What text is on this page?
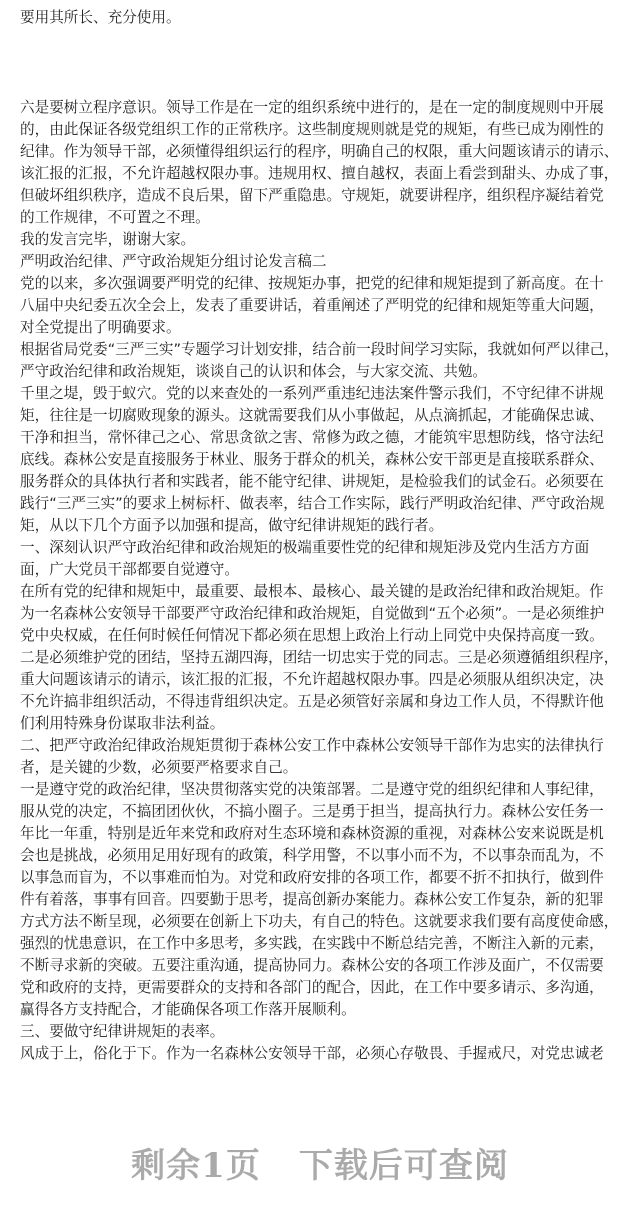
要用其所长、充分使用。
六是要树立程序意识。领导工作是在一定的组织系统中进行的，是在一定的制度规则中开展
的，由此保证各级党组织工作的正常秩序。这些制度规则就是党的规矩，有些已成为刚性的
纪律。作为领导干部，必须懂得组织运行的程序，明确自己的权限，重大问题该请示的请示、
该汇报的汇报，不允许超越权限办事。违规用权、擅自越权，表面上看尝到甜头、办成了事，
但破坏组织秩序，造成不良后果，留下严重隐患。守规矩，就要讲程序，组织程序凝结着党
的工作规律，不可置之不理。
我的发言完毕，谢谢大家。
严明政治纪律、严守政治规矩分组讨论发言稿二
党的以来，多次强调要严明党的纪律、按规矩办事，把党的纪律和规矩提到了新高度。在十
八届中央纪委五次全会上，发表了重要讲话，着重阐述了严明党的纪律和规矩等重大问题，
对全党提出了明确要求。
根据省局党委“三严三实”专题学习计划安排，结合前一段时间学习实际，我就如何严以律己，
严守政治纪律和政治规矩，谈谈自己的认识和体会，与大家交流、共勉。
千里之堤，毁于蚁穴。党的以来查处的一系列严重违纪违法案件警示我们，不守纪律不讲规
矩，往往是一切腐败现象的源头。这就需要我们从小事做起，从点滴抓起，才能确保忠诚、
干净和担当，常怀律己之心、常思贪欲之害、常修为政之德，才能筑牢思想防线，恪守法纪
底线。森林公安是直接服务于林业、服务于群众的机关，森林公安干部更是直接联系群众、
服务群众的具体执行者和实践者，能不能守纪律、讲规矩，是检验我们的试金石。必须要在
践行“三严三实”的要求上树标杆、做表率，结合工作实际，践行严明政治纪律、严守政治规
矩，从以下几个方面予以加强和提高，做守纪律讲规矩的践行者。
一、深刻认识严守政治纪律和政治规矩的极端重要性党的纪律和规矩涉及党内生活方方面
面，广大党员干部都要自觉遵守。
在所有党的纪律和规矩中，最重要、最根本、最核心、最关键的是政治纪律和政治规矩。作
为一名森林公安领导干部要严守政治纪律和政治规矩，自觉做到“五个必须”。一是必须维护
党中央权威，在任何时候任何情况下都必须在思想上政治上行动上同党中央保持高度一致。
二是必须维护党的团结，坚持五湖四海，团结一切忠实于党的同志。三是必须遵循组织程序，
重大问题该请示的请示，该汇报的汇报，不允许超越权限办事。四是必须服从组织决定，决
不允许搞非组织活动，不得违背组织决定。五是必须管好亲属和身边工作人员，不得默许他
们利用特殊身份谋取非法利益。
二、把严守政治纪律政治规矩贯彻于森林公安工作中森林公安领导干部作为忠实的法律执行
者，是关键的少数，必须要严格要求自己。
一是遵守党的政治纪律，坚决贯彻落实党的决策部署。二是遵守党的组织纪律和人事纪律，
服从党的决定，不搞团团伙伙，不搞小圈子。三是勇于担当，提高执行力。森林公安任务一
年比一年重，特别是近年来党和政府对生态环境和森林资源的重视，对森林公安来说既是机
会也是挑战，必须用足用好现有的政策，科学用警，不以事小而不为，不以事杂而乱为，不
以事急而盲为，不以事难而怕为。对党和政府安排的各项工作，都要不折不扣执行，做到件
件有着落，事事有回音。四要勤于思考，提高创新办案能力。森林公安工作复杂，新的犯罪
方式方法不断呈现，必须要在创新上下功夫，有自己的特色。这就要求我们要有高度使命感，
强烈的忧患意识，在工作中多思考，多实践，在实践中不断总结完善，不断注入新的元素，
不断寻求新的突破。五要注重沟通，提高协同力。森林公安的各项工作涉及面广，不仅需要
党和政府的支持，更需要群众的支持和各部门的配合，因此，在工作中要多请示、多沟通，
赢得各方支持配合，才能确保各项工作落开展顺利。
三、要做守纪律讲规矩的表率。
风成于上，俗化于下。作为一名森林公安领导干部，必须心存敬畏、手握戒尺，对党忠诚老
剩余1页 下载后可查阅
